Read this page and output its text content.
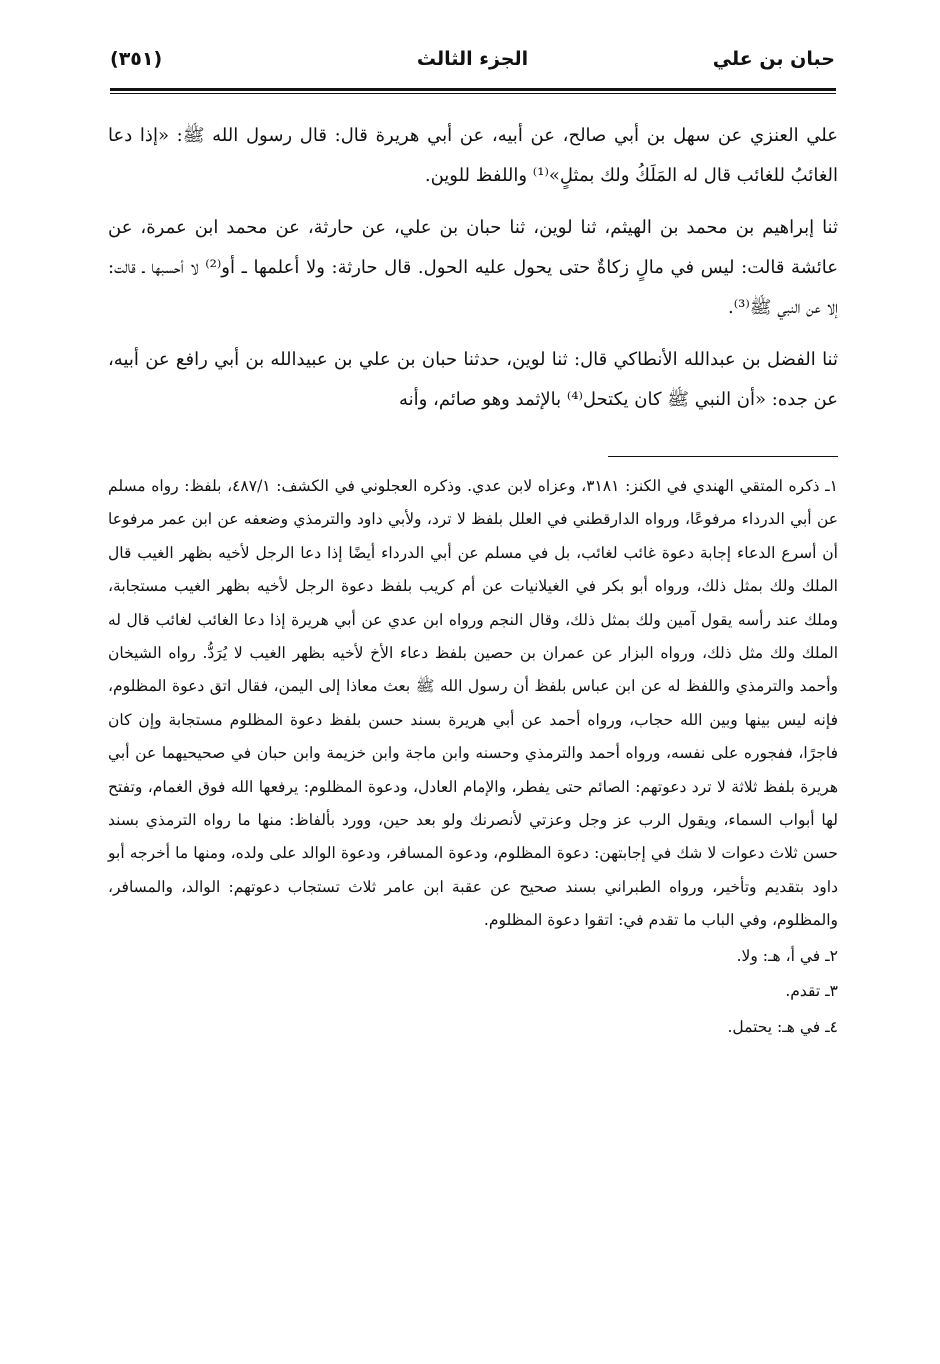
حبان بن علي
الجزء الثالث
(٣٥١)

علي العنزي عن سهل بن أبي صالح، عن أبيه، عن أبي هريرة قال: قال رسول الله ﷺ: «إذا دعا الغائبُ للغائب قال له المَلَكُ ولك بمثلٍ»⁽¹⁾ واللفظ للوين.

ثنا إبراهيم بن محمد بن الهيثم، ثنا لوين، ثنا حبان بن علي، عن حارثة، عن محمد ابن عمرة، عن عائشة قالت: ليس في مالٍ زكاةٌ حتى يحول عليه الحول. قال حارثة: ولا أعلمها ـ أو⁽²⁾ لا أحسبها ـ قالت: إلا عن النبي ﷺ⁽³⁾.

ثنا الفضل بن عبدالله الأنطاكي قال: ثنا لوين، حدثنا حبان بن علي بن عبيدالله بن أبي رافع عن أبيه، عن جده: «أن النبي ﷺ كان يكتحل⁽⁴⁾ بالإثمد وهو صائم، وأنه

١ـ ذكره المتقي الهندي في الكنز: ٣١٨١، وعزاه لابن عدي. وذكره العجلوني في الكشف: ٤٨٧/١، بلفظ: رواه مسلم عن أبي الدرداء مرفوعًا، ورواه الدارقطني في العلل بلفظ لا ترد، ولأبي داود والترمذي وضعفه عن ابن عمر مرفوعا أن أسرع الدعاء إجابة دعوة غائب لغائب، بل في مسلم عن أبي الدرداء أيضًا إذا دعا الرجل لأخيه بظهر الغيب قال الملك ولك بمثل ذلك، ورواه أبو بكر في الغيلانيات عن أم كريب بلفظ دعوة الرجل لأخيه بظهر الغيب مستجابة، وملك عند رأسه يقول آمين ولك بمثل ذلك، وقال النجم ورواه ابن عدي عن أبي هريرة إذا دعا الغائب لغائب قال له الملك ولك مثل ذلك، ورواه البزار عن عمران بن حصين بلفظ دعاء الأخ لأخيه بظهر الغيب لا يُرَدُّ. رواه الشيخان وأحمد والترمذي واللفظ له عن ابن عباس بلفظ أن رسول الله ﷺ بعث معاذا إلى اليمن، فقال اتق دعوة المظلوم، فإنه ليس بينها وبين الله حجاب، ورواه أحمد عن أبي هريرة بسند حسن بلفظ دعوة المظلوم مستجابة وإن كان فاجرًا، ففجوره على نفسه، ورواه أحمد والترمذي وحسنه وابن ماجة وابن خزيمة وابن حبان في صحيحيهما عن أبي هريرة بلفظ ثلاثة لا ترد دعوتهم: الصائم حتى يفطر، والإمام العادل، ودعوة المظلوم: يرفعها الله فوق الغمام، وتفتح لها أبواب السماء، ويقول الرب عز وجل وعزتي لأنصرنك ولو بعد حين، وورد بألفاظ: منها ما رواه الترمذي بسند حسن ثلاث دعوات لا شك في إجابتهن: دعوة المظلوم، ودعوة المسافر، ودعوة الوالد على ولده، ومنها ما أخرجه أبو داود بتقديم وتأخير، ورواه الطبراني بسند صحيح عن عقبة ابن عامر ثلاث تستجاب دعوتهم: الوالد، والمسافر، والمظلوم، وفي الباب ما تقدم في: اتقوا دعوة المظلوم.

٢ـ في أ، هـ: ولا.

٣ـ تقدم.

٤ـ في هـ: يحتمل.
